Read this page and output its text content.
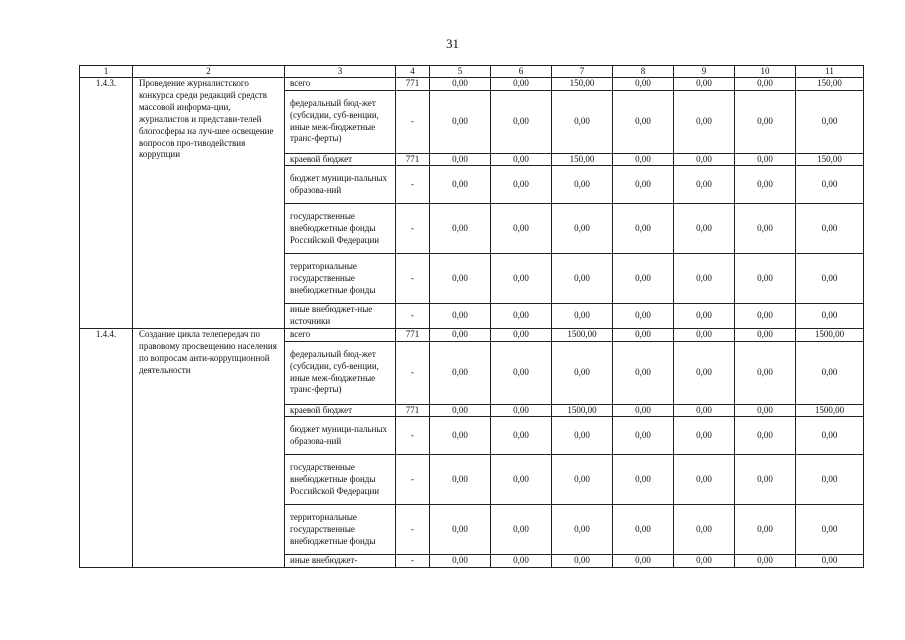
31
1	2	3	4	5	6	7	8	9	10	11
1.4.3.	Проведение журналистского конкурса среди редакций средств массовой информа-ции, журналистов и представи-телей блогосферы на луч-шее освещение вопросов про-тиводействия коррупции	всего	771	0,00	0,00	150,00	0,00	0,00	0,00	150,00
		федеральный бюд-жет (субсидии, суб-венции, иные меж-бюджетные транс-ферты)	-	0,00	0,00	0,00	0,00	0,00	0,00	0,00
		краевой бюджет	771	0,00	0,00	150,00	0,00	0,00	0,00	150,00
		бюджет муници-пальных образова-ний	-	0,00	0,00	0,00	0,00	0,00	0,00	0,00
		государственные внебюджетные фонды Российской Федерации	-	0,00	0,00	0,00	0,00	0,00	0,00	0,00
		территориальные государственные внебюджетные фонды	-	0,00	0,00	0,00	0,00	0,00	0,00	0,00
		иные внебюджет-ные источники	-	0,00	0,00	0,00	0,00	0,00	0,00	0,00
1.4.4.	Создание цикла телепередач по правовому просвещению населения по вопросам анти-коррупционной деятельности	всего	771	0,00	0,00	1500,00	0,00	0,00	0,00	1500,00
		федеральный бюд-жет (субсидии, суб-венции, иные меж-бюджетные транс-ферты)	-	0,00	0,00	0,00	0,00	0,00	0,00	0,00
		краевой бюджет	771	0,00	0,00	1500,00	0,00	0,00	0,00	1500,00
		бюджет муници-пальных образова-ний	-	0,00	0,00	0,00	0,00	0,00	0,00	0,00
		государственные внебюджетные фонды Российской Федерации	-	0,00	0,00	0,00	0,00	0,00	0,00	0,00
		территориальные государственные внебюджетные фонды	-	0,00	0,00	0,00	0,00	0,00	0,00	0,00
		иные внебюджет-	-	0,00	0,00	0,00	0,00	0,00	0,00	0,00
